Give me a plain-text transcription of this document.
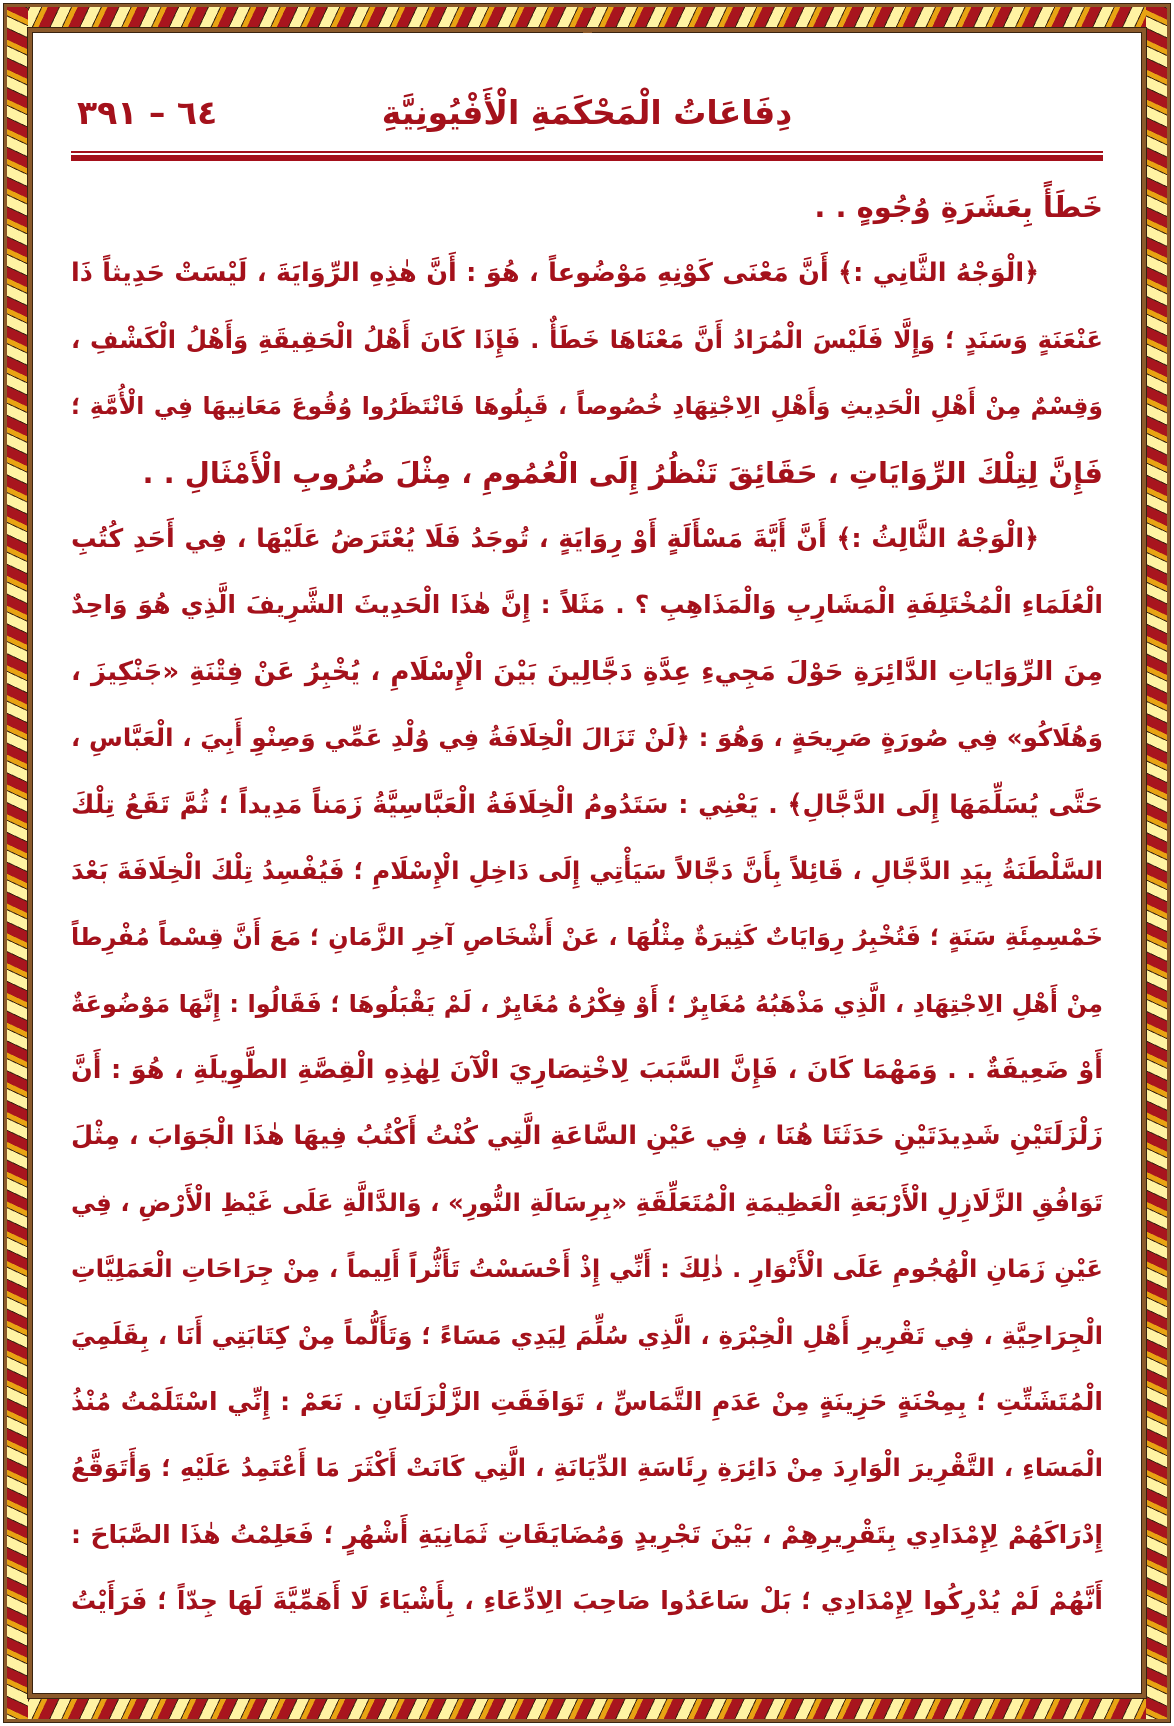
٦٤ – ٣٩١	دِفَاعَاتُ الْمَحْكَمَةِ الْأَفْيُونِيَّةِ
خَطَأً بِعَشَرَةِ وُجُوهٍ . .
﴿الْوَجْهُ الثَّانِي :﴾ أَنَّ مَعْنَى كَوْنِهِ مَوْضُوعاً ، هُوَ : أَنَّ هٰذِهِ الرِّوَايَةَ ، لَيْسَتْ حَدِيثاً ذَا
عَنْعَنَةٍ وَسَنَدٍ ؛ وَإِلَّا فَلَيْسَ الْمُرَادُ أَنَّ مَعْنَاهَا خَطَأٌ . فَإِذَا كَانَ أَهْلُ الْحَقِيقَةِ وَأَهْلُ الْكَشْفِ ،
وَقِسْمٌ مِنْ أَهْلِ الْحَدِيثِ وَأَهْلِ الِاجْتِهَادِ خُصُوصاً ، قَبِلُوهَا فَانْتَظَرُوا وُقُوعَ مَعَانِيهَا فِي الْأُمَّةِ ؛
فَإِنَّ لِتِلْكَ الرِّوَايَاتِ ، حَقَائِقَ تَنْظُرُ إِلَى الْعُمُومِ ، مِثْلَ ضُرُوبِ الْأَمْثَالِ . .
﴿الْوَجْهُ الثَّالِثُ :﴾ أَنَّ أَيَّةَ مَسْأَلَةٍ أَوْ رِوَايَةٍ ، تُوجَدُ فَلَا يُعْتَرَضُ عَلَيْهَا ، فِي أَحَدِ كُتُبِ
الْعُلَمَاءِ الْمُخْتَلِفَةِ الْمَشَارِبِ وَالْمَذَاهِبِ ؟ . مَثَلاً : إِنَّ هٰذَا الْحَدِيثَ الشَّرِيفَ الَّذِي هُوَ وَاحِدٌ
مِنَ الرِّوَايَاتِ الدَّائِرَةِ حَوْلَ مَجِيءِ عِدَّةِ دَجَّالِينَ بَيْنَ الْإِسْلَامِ ، يُخْبِرُ عَنْ فِتْنَةِ «جَنْكِيزَ ،
وَهُلَاكُو» فِي صُورَةٍ صَرِيحَةٍ ، وَهُوَ : ﴿لَنْ تَزَالَ الْخِلَافَةُ فِي وُلْدِ عَمِّي وَصِنْوِ أَبِيَ ، الْعَبَّاسِ ،
حَتَّى يُسَلِّمَهَا إِلَى الدَّجَّالِ﴾ . يَعْنِي : سَتَدُومُ الْخِلَافَةُ الْعَبَّاسِيَّةُ زَمَناً مَدِيداً ؛ ثُمَّ تَقَعُ تِلْكَ
السَّلْطَنَةُ بِيَدِ الدَّجَّالِ ، قَائِلاً بِأَنَّ دَجَّالاً سَيَأْتِي إِلَى دَاخِلِ الْإِسْلَامِ ؛ فَيُفْسِدُ تِلْكَ الْخِلَافَةَ بَعْدَ
خَمْسِمِئَةِ سَنَةٍ ؛ فَتُخْبِرُ رِوَايَاتٌ كَثِيرَةٌ مِثْلُهَا ، عَنْ أَشْخَاصِ آخِرِ الزَّمَانِ ؛ مَعَ أَنَّ قِسْماً مُفْرِطاً
مِنْ أَهْلِ الِاجْتِهَادِ ، الَّذِي مَذْهَبُهُ مُغَايِرٌ ؛ أَوْ فِكْرُهُ مُغَايِرٌ ، لَمْ يَقْبَلُوهَا ؛ فَقَالُوا : إِنَّهَا مَوْضُوعَةٌ
أَوْ ضَعِيفَةٌ . . وَمَهْمَا كَانَ ، فَإِنَّ السَّبَبَ لِاخْتِصَارِيَ الْآنَ لِهٰذِهِ الْقِصَّةِ الطَّوِيلَةِ ، هُوَ : أَنَّ
زَلْزَلَتَيْنِ شَدِيدَتَيْنِ حَدَثَتَا هُنَا ، فِي عَيْنِ السَّاعَةِ الَّتِي كُنْتُ أَكْتُبُ فِيهَا هٰذَا الْجَوَابَ ، مِثْلَ
تَوَافُقِ الزَّلَازِلِ الْأَرْبَعَةِ الْعَظِيمَةِ الْمُتَعَلِّقَةِ «بِرِسَالَةِ النُّورِ» ، وَالدَّالَّةِ عَلَى غَيْظِ الْأَرْضِ ، فِي
عَيْنِ زَمَانِ الْهُجُومِ عَلَى الْأَنْوَارِ . ذٰلِكَ : أَنِّي إِذْ أَحْسَسْتُ تَأَثُّراً أَلِيماً ، مِنْ جِرَاحَاتِ الْعَمَلِيَّاتِ
الْجِرَاحِيَّةِ ، فِي تَقْرِيرِ أَهْلِ الْخِبْرَةِ ، الَّذِي سُلِّمَ لِيَدِي مَسَاءً ؛ وَتَأَلُّماً مِنْ كِتَابَتِي أَنَا ، بِقَلَمِيَ
الْمُتَشَتِّتِ ؛ بِمِحْنَةٍ حَزِينَةٍ مِنْ عَدَمِ التَّمَاسِّ ، تَوَافَقَتِ الزَّلْزَلَتَانِ . نَعَمْ : إِنِّي اسْتَلَمْتُ مُنْذُ
الْمَسَاءِ ، التَّقْرِيرَ الْوَارِدَ مِنْ دَائِرَةِ رِئَاسَةِ الدِّيَانَةِ ، الَّتِي كَانَتْ أَكْثَرَ مَا أَعْتَمِدُ عَلَيْهِ ؛ وَأَتَوَقَّعُ
إِدْرَاكَهُمْ لِإِمْدَادِي بِتَقْرِيرِهِمْ ، بَيْنَ تَجْرِيدٍ وَمُضَايَقَاتِ ثَمَانِيَةِ أَشْهُرٍ ؛ فَعَلِمْتُ هٰذَا الصَّبَاحَ :
أَنَّهُمْ لَمْ يُدْرِكُوا لِإِمْدَادِي ؛ بَلْ سَاعَدُوا صَاحِبَ الِادِّعَاءِ ، بِأَشْيَاءَ لَا أَهَمِّيَّةَ لَهَا جِدّاً ؛ فَرَأَيْتُ
